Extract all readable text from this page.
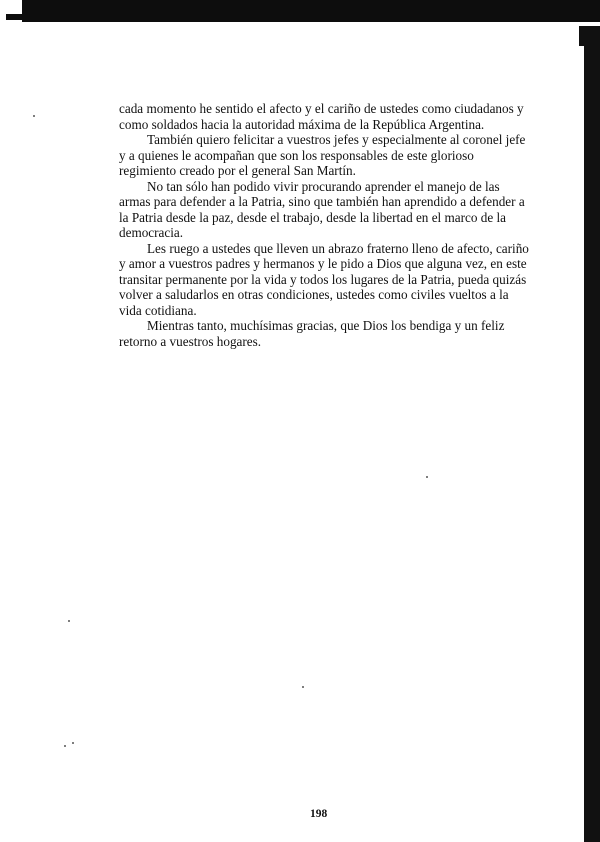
cada momento he sentido el afecto y el cariño de ustedes como ciudadanos y como soldados hacia la autoridad máxima de la República Argentina.

También quiero felicitar a vuestros jefes y especialmente al coronel jefe y a quienes le acompañan que son los responsables de este glorioso regimiento creado por el general San Martín.

No tan sólo han podido vivir procurando aprender el manejo de las armas para defender a la Patria, sino que también han aprendido a defender a la Patria desde la paz, desde el trabajo, desde la libertad en el marco de la democracia.

Les ruego a ustedes que lleven un abrazo fraterno lleno de afecto, cariño y amor a vuestros padres y hermanos y le pido a Dios que alguna vez, en este transitar permanente por la vida y todos los lugares de la Patria, pueda quizás volver a saludarlos en otras condiciones, ustedes como civiles vueltos a la vida cotidiana.

Mientras tanto, muchísimas gracias, que Dios los bendiga y un feliz retorno a vuestros hogares.

198
